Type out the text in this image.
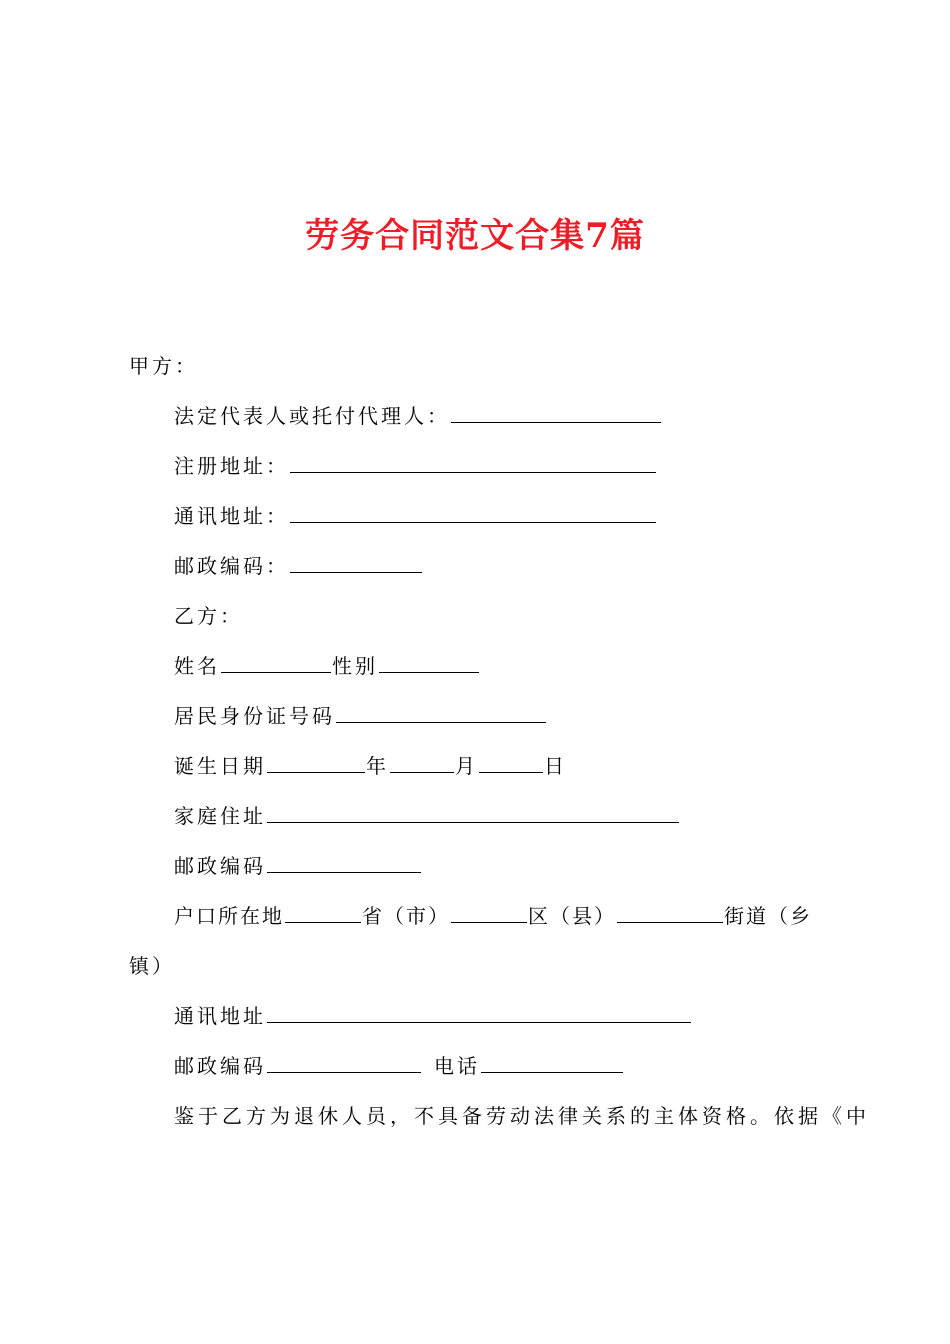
劳务合同范文合集7篇
甲方：
法定代表人或托付代理人：
注册地址：
通讯地址：
邮政编码：
乙方：
姓名	性别
居民身份证号码
诞生日期	年	月	日
家庭住址
邮政编码
户口所在地	省（市）	区（县）	街道（乡
镇）
通讯地址
邮政编码	电话
鉴于乙方为退休人员，不具备劳动法律关系的主体资格。依据《中
